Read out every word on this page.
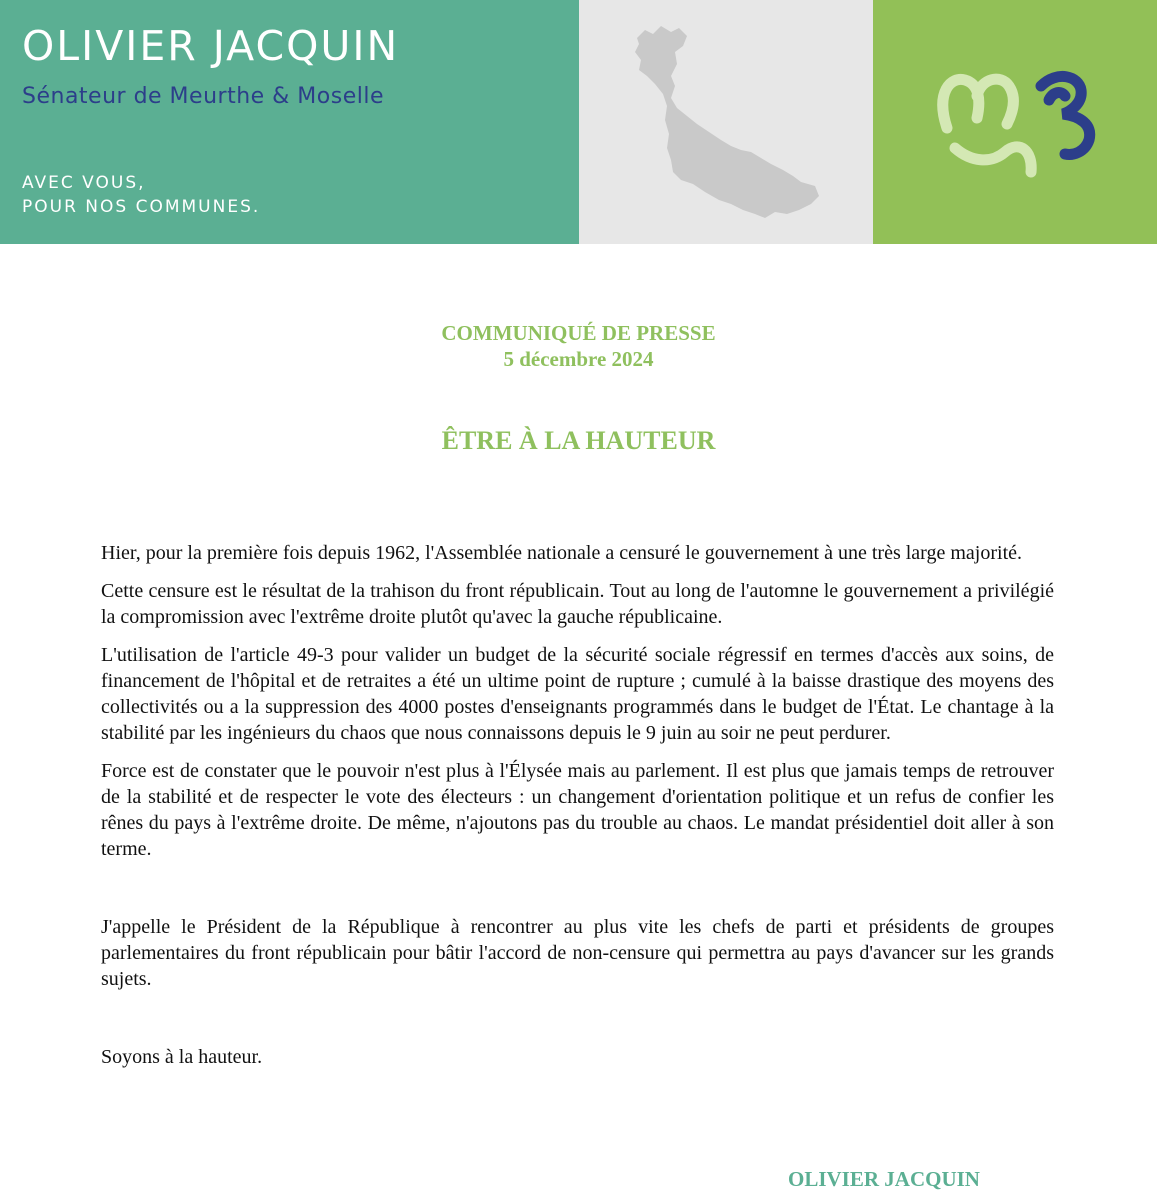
OLIVIER JACQUIN
Sénateur de Meurthe & Moselle
AVEC VOUS,
POUR NOS COMMUNES.
COMMUNIQUÉ DE PRESSE
5 décembre 2024
ÊTRE À LA HAUTEUR

Hier, pour la première fois depuis 1962, l'Assemblée nationale a censuré le gouvernement à une très large majorité.

Cette censure est le résultat de la trahison du front républicain. Tout au long de l'automne le gouvernement a privilégié la compromission avec l'extrême droite plutôt qu'avec la gauche républicaine.

L'utilisation de l'article 49-3 pour valider un budget de la sécurité sociale régressif en termes d'accès aux soins, de financement de l'hôpital et de retraites a été un ultime point de rupture ; cumulé à la baisse drastique des moyens des collectivités ou a la suppression des 4000 postes d'enseignants programmés dans le budget de l'État. Le chantage à la stabilité par les ingénieurs du chaos que nous connaissons depuis le 9 juin au soir ne peut perdurer.

Force est de constater que le pouvoir n'est plus à l'Élysée mais au parlement. Il est plus que jamais temps de retrouver de la stabilité et de respecter le vote des électeurs : un changement d'orientation politique et un refus de confier les rênes du pays à l'extrême droite. De même, n'ajoutons pas du trouble au chaos. Le mandat présidentiel doit aller à son terme.

J'appelle le Président de la République à rencontrer au plus vite les chefs de parti et présidents de groupes parlementaires du front républicain pour bâtir l'accord de non-censure qui permettra au pays d'avancer sur les grands sujets.

Soyons à la hauteur.

OLIVIER JACQUIN
